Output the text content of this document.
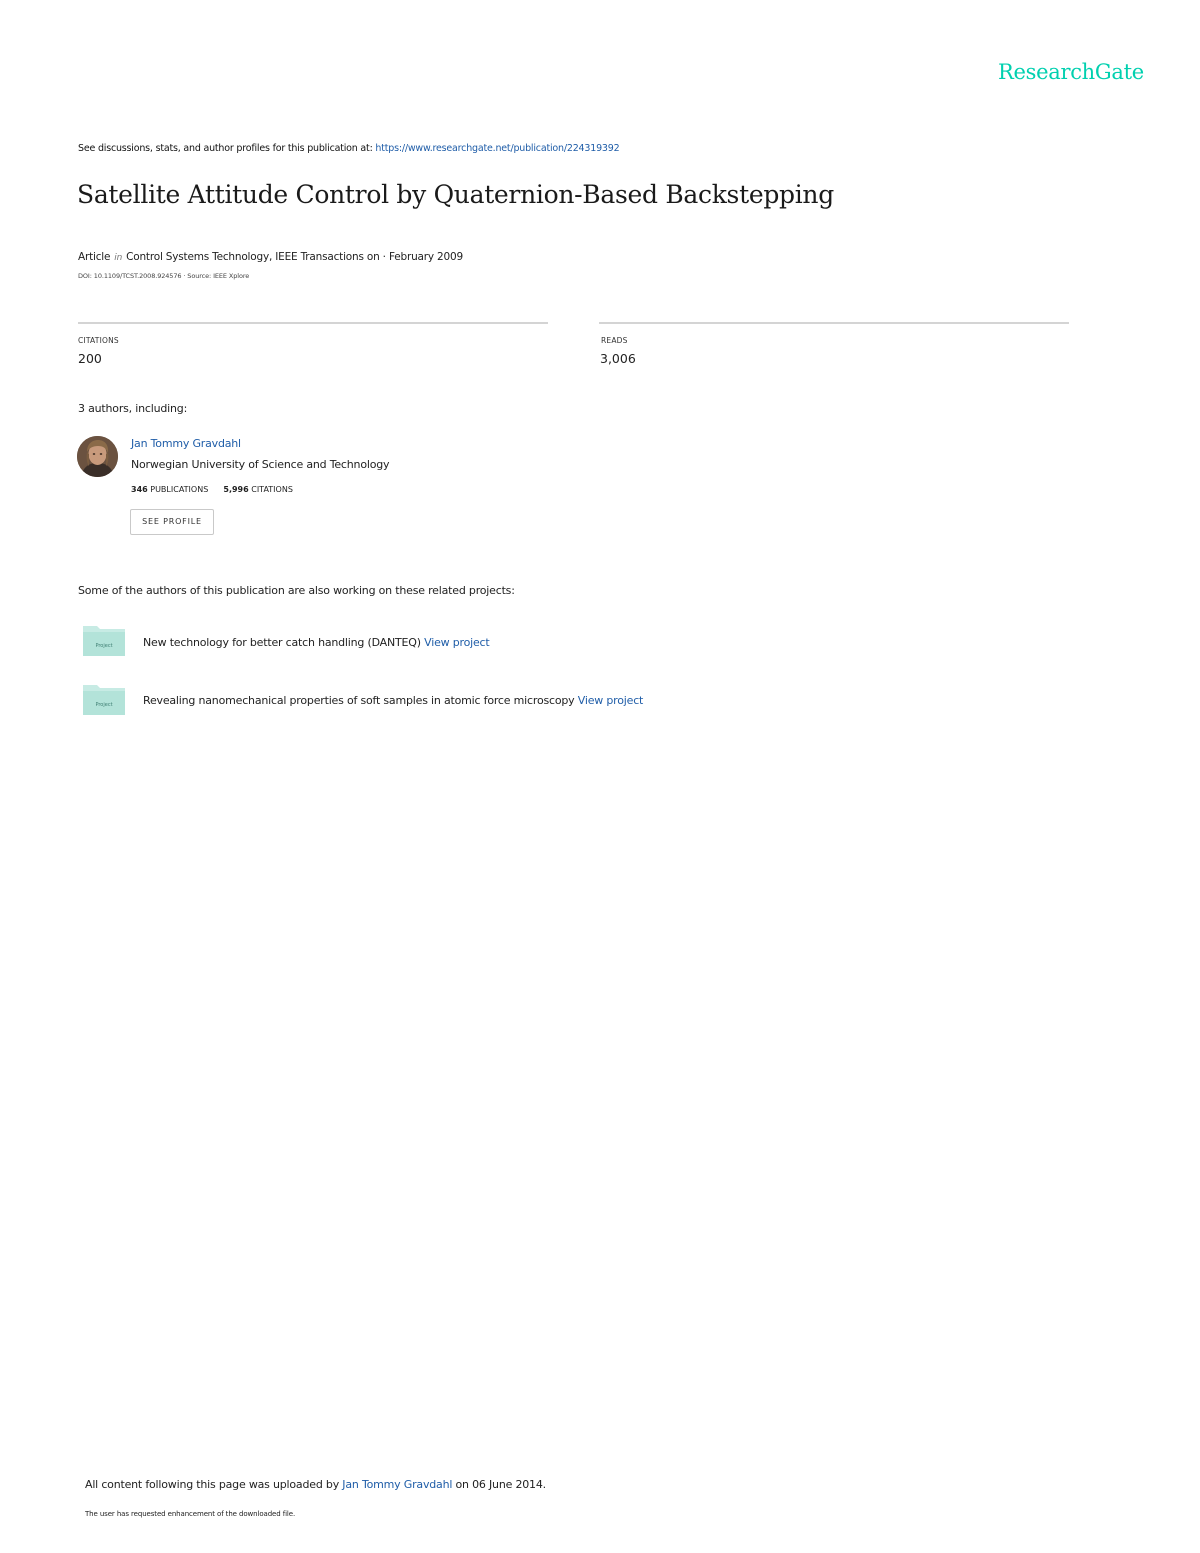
ResearchGate
See discussions, stats, and author profiles for this publication at: https://www.researchgate.net/publication/224319392
Satellite Attitude Control by Quaternion-Based Backstepping
Article in Control Systems Technology, IEEE Transactions on · February 2009
DOI: 10.1109/TCST.2008.924576 · Source: IEEE Xplore
CITATIONS
200
READS
3,006
3 authors, including:
Jan Tommy Gravdahl
Norwegian University of Science and Technology
346 PUBLICATIONS 5,996 CITATIONS
SEE PROFILE
Some of the authors of this publication are also working on these related projects:
Project	New technology for better catch handling (DANTEQ) View project
Project	Revealing nanomechanical properties of soft samples in atomic force microscopy View project
All content following this page was uploaded by Jan Tommy Gravdahl on 06 June 2014.
The user has requested enhancement of the downloaded file.
